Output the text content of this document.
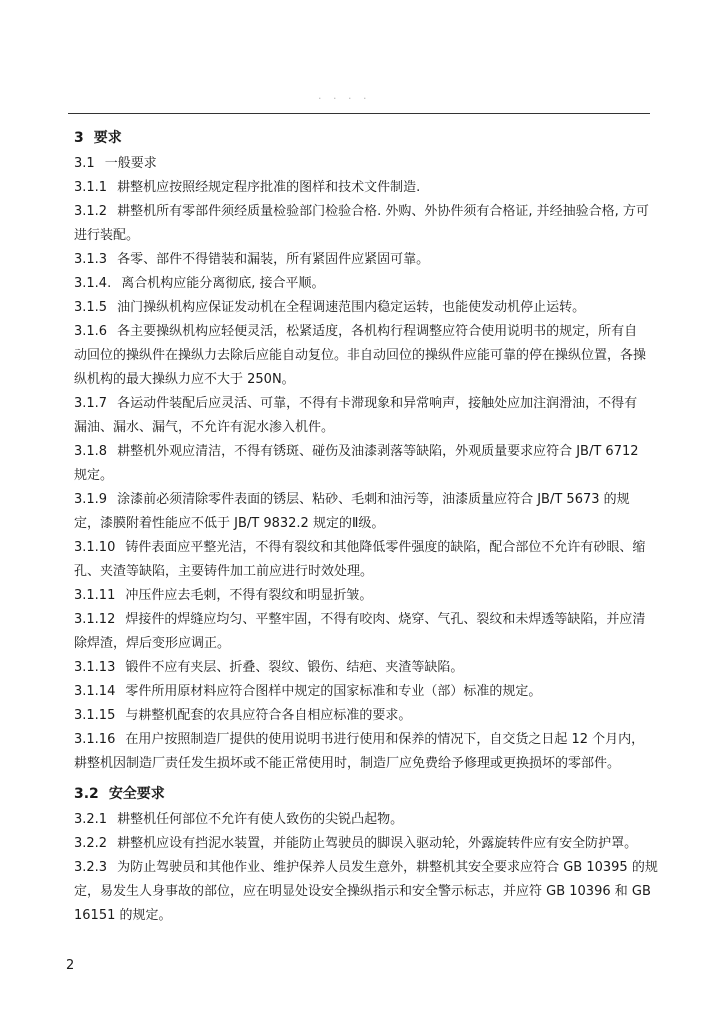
· · · ·
3 要求
3.1 一般要求
3.1.1 耕整机应按照经规定程序批准的图样和技术文件制造.
3.1.2 耕整机所有零部件须经质量检验部门检验合格. 外购、外协件须有合格证, 并经抽验合格, 方可
进行装配。
3.1.3 各零、部件不得错装和漏装，所有紧固件应紧固可靠。
3.1.4. 离合机构应能分离彻底, 接合平顺。
3.1.5 油门操纵机构应保证发动机在全程调速范围内稳定运转，也能使发动机停止运转。
3.1.6 各主要操纵机构应轻便灵活，松紧适度，各机构行程调整应符合使用说明书的规定，所有自
动回位的操纵件在操纵力去除后应能自动复位。非自动回位的操纵件应能可靠的停在操纵位置，各操
纵机构的最大操纵力应不大于 250N。
3.1.7 各运动件装配后应灵活、可靠，不得有卡滞现象和异常响声，接触处应加注润滑油，不得有
漏油、漏水、漏气，不允许有泥水渗入机件。
3.1.8 耕整机外观应清洁，不得有锈斑、碰伤及油漆剥落等缺陷，外观质量要求应符合 JB/T 6712
规定。
3.1.9 涂漆前必须清除零件表面的锈层、粘砂、毛刺和油污等，油漆质量应符合 JB/T 5673 的规
定，漆膜附着性能应不低于 JB/T 9832.2 规定的Ⅱ级。
3.1.10 铸件表面应平整光洁，不得有裂纹和其他降低零件强度的缺陷，配合部位不允许有砂眼、缩
孔、夹渣等缺陷，主要铸件加工前应进行时效处理。
3.1.11 冲压件应去毛刺，不得有裂纹和明显折皱。
3.1.12 焊接件的焊缝应均匀、平整牢固，不得有咬肉、烧穿、气孔、裂纹和未焊透等缺陷，并应清
除焊渣，焊后变形应调正。
3.1.13 锻件不应有夹层、折叠、裂纹、锻伤、结疤、夹渣等缺陷。
3.1.14 零件所用原材料应符合图样中规定的国家标准和专业（部）标准的规定。
3.1.15 与耕整机配套的农具应符合各自相应标准的要求。
3.1.16 在用户按照制造厂提供的使用说明书进行使用和保养的情况下，自交货之日起 12 个月内，
耕整机因制造厂责任发生损坏或不能正常使用时，制造厂应免费给予修理或更换损坏的零部件。
3.2 安全要求
3.2.1 耕整机任何部位不允许有使人致伤的尖锐凸起物。
3.2.2 耕整机应设有挡泥水装置，并能防止驾驶员的脚误入驱动轮，外露旋转件应有安全防护罩。
3.2.3 为防止驾驶员和其他作业、维护保养人员发生意外，耕整机其安全要求应符合 GB 10395 的规
定，易发生人身事故的部位，应在明显处设安全操纵指示和安全警示标志，并应符 GB 10396 和 GB
16151 的规定。
2
